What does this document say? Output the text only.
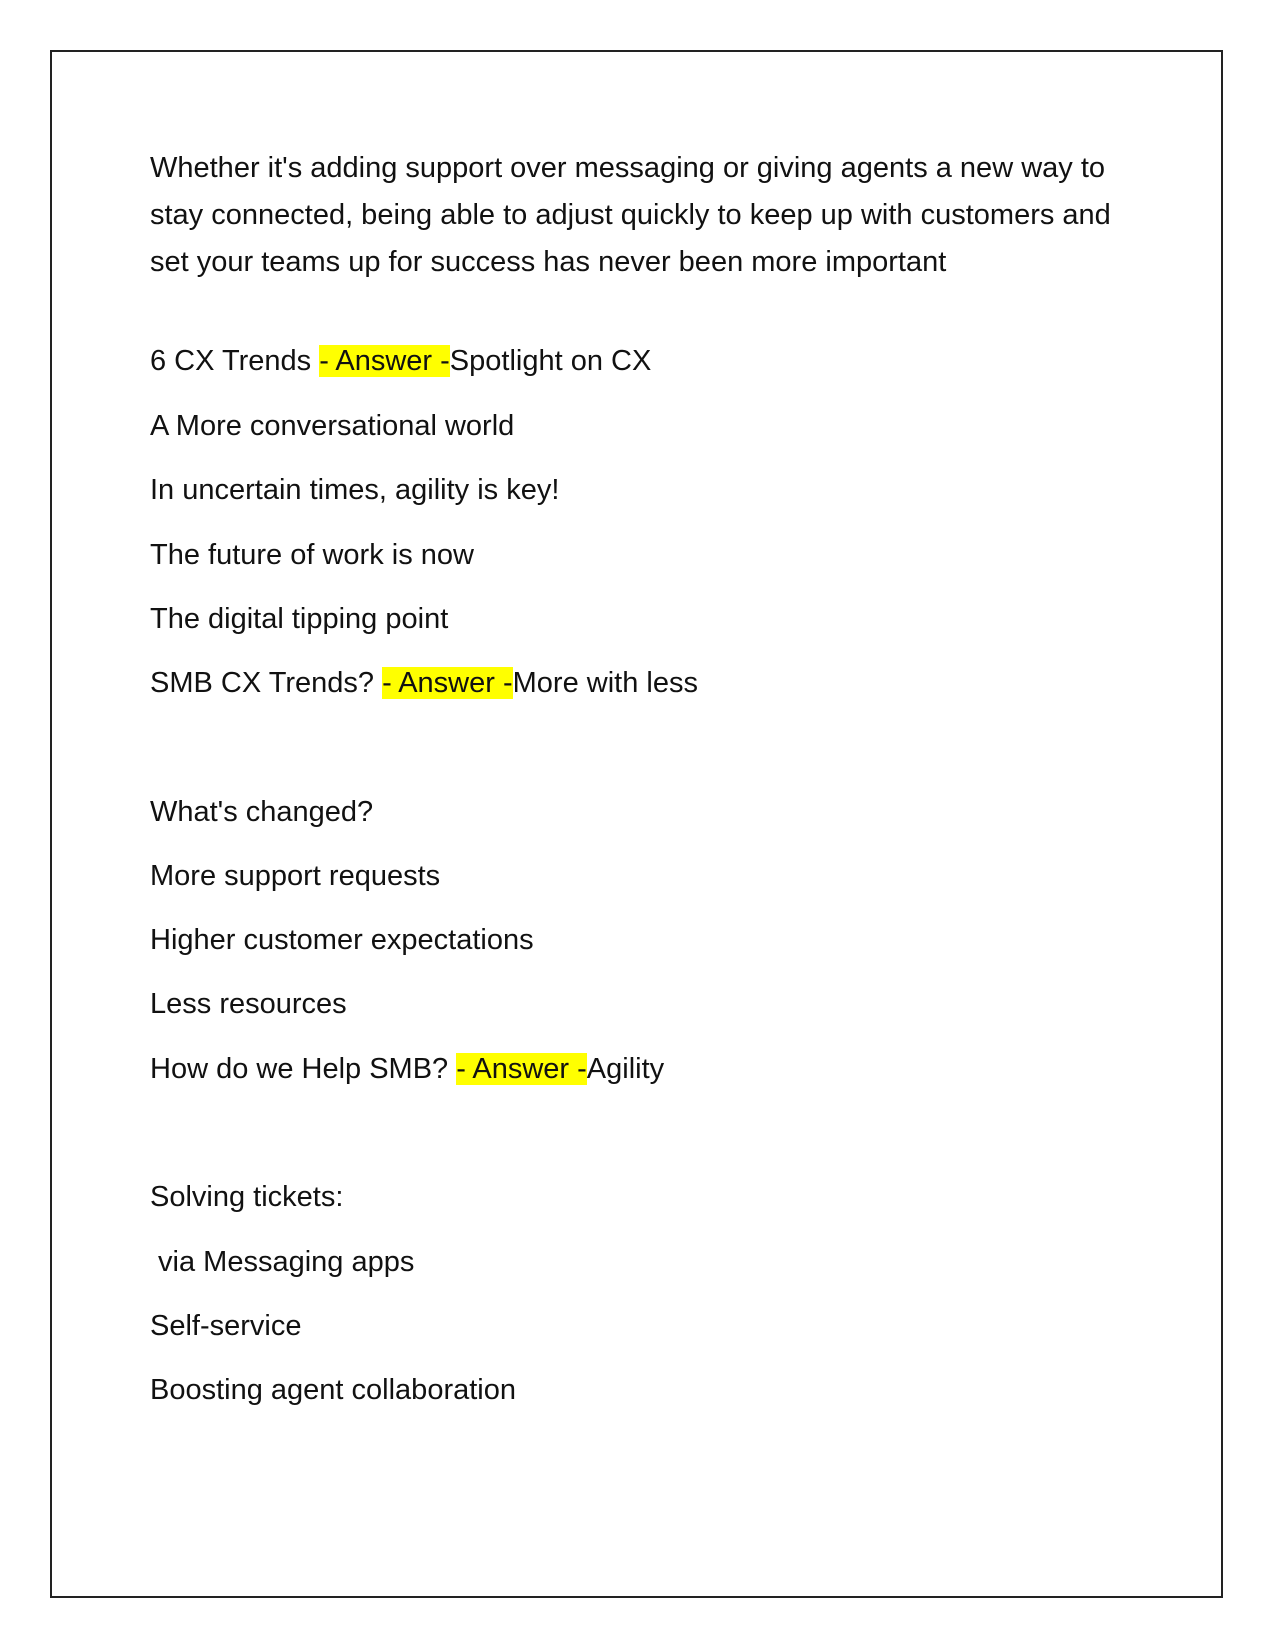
Whether it's adding support over messaging or giving agents a new way to stay connected, being able to adjust quickly to keep up with customers and set your teams up for success has never been more important

6 CX Trends - Answer -Spotlight on CX

A More conversational world

In uncertain times, agility is key!

The future of work is now

The digital tipping point

SMB CX Trends? - Answer -More with less

What's changed?

More support requests

Higher customer expectations

Less resources

How do we Help SMB? - Answer -Agility

Solving tickets:

via Messaging apps

Self-service

Boosting agent collaboration
